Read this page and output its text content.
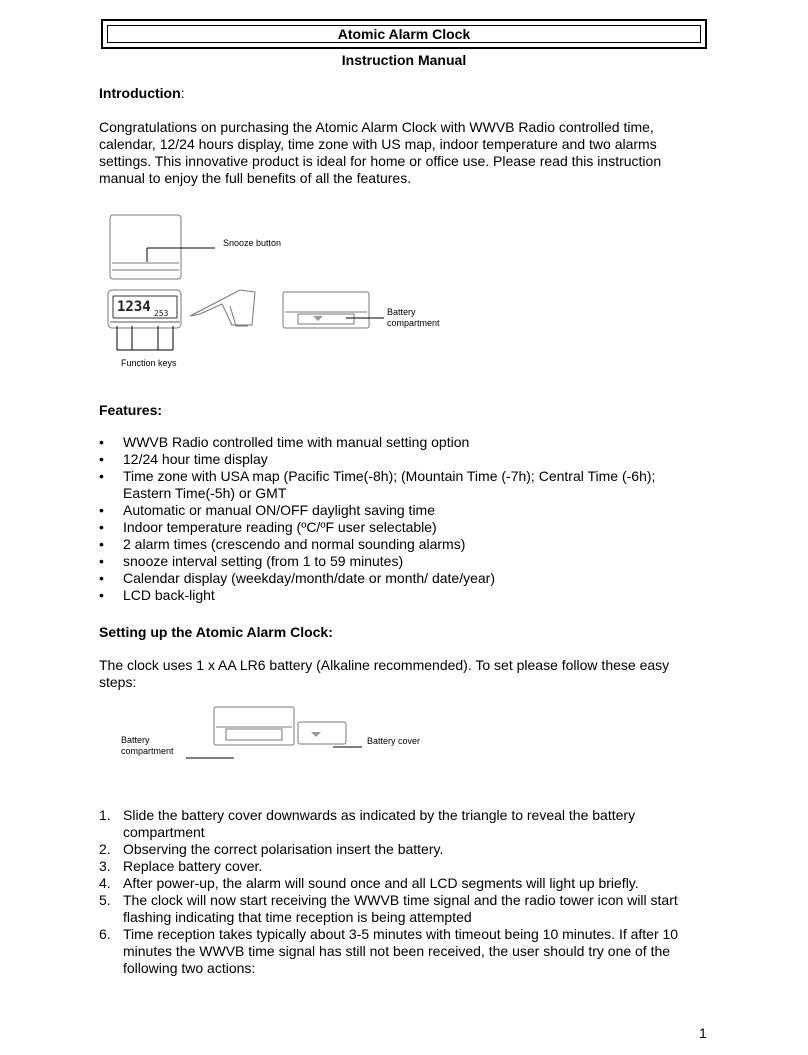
Atomic Alarm Clock
Instruction Manual
Introduction:
Congratulations on purchasing the Atomic Alarm Clock with WWVB Radio controlled time, calendar, 12/24 hours display, time zone with US map, indoor temperature and two alarms settings. This innovative product is ideal for home or office use. Please read this instruction manual to enjoy the full benefits of all the features.
1234 253
Snooze button
Battery
compartment
Function keys
Features:
• WWVB Radio controlled time with manual setting option
• 12/24 hour time display
• Time zone with USA map (Pacific Time(-8h); (Mountain Time (-7h); Central Time (-6h); Eastern Time(-5h) or GMT
• Automatic or manual ON/OFF daylight saving time
• Indoor temperature reading (ºC/ºF user selectable)
• 2 alarm times (crescendo and normal sounding alarms)
• snooze interval setting (from 1 to 59 minutes)
• Calendar display (weekday/month/date or month/ date/year)
• LCD back-light
Setting up the Atomic Alarm Clock:
The clock uses 1 x AA LR6 battery (Alkaline recommended). To set please follow these easy steps:
Battery
compartment
Battery cover
1. Slide the battery cover downwards as indicated by the triangle to reveal the battery compartment
2. Observing the correct polarisation insert the battery.
3. Replace battery cover.
4. After power-up, the alarm will sound once and all LCD segments will light up briefly.
5. The clock will now start receiving the WWVB time signal and the radio tower icon will start flashing indicating that time reception is being attempted
6. Time reception takes typically about 3-5 minutes with timeout being 10 minutes. If after 10 minutes the WWVB time signal has still not been received, the user should try one of the following two actions:
1
